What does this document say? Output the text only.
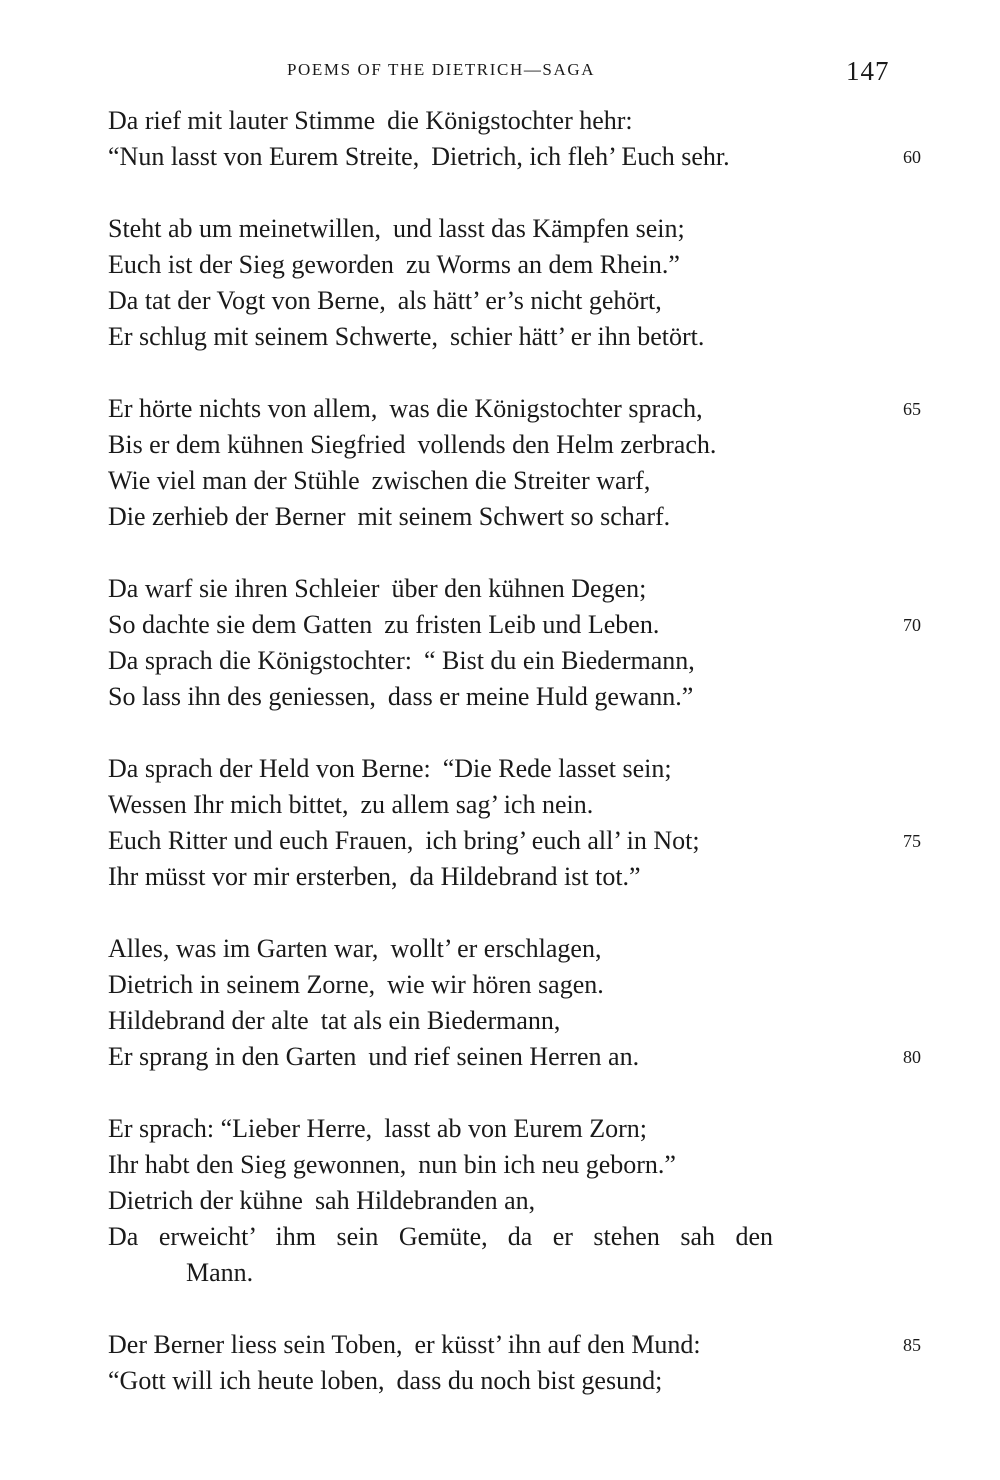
POEMS OF THE DIETRICH—SAGA	147
Da rief mit lauter Stimme die Königstochter hehr:
“Nun lasst von Eurem Streite, Dietrich, ich fleh’ Euch sehr.	60
Steht ab um meinetwillen, und lasst das Kämpfen sein;
Euch ist der Sieg geworden zu Worms an dem Rhein.”
Da tat der Vogt von Berne, als hätt’ er’s nicht gehört,
Er schlug mit seinem Schwerte, schier hätt’ er ihn betört.
Er hörte nichts von allem, was die Königstochter sprach,	65
Bis er dem kühnen Siegfried vollends den Helm zerbrach.
Wie viel man der Stühle zwischen die Streiter warf,
Die zerhieb der Berner mit seinem Schwert so scharf.
Da warf sie ihren Schleier über den kühnen Degen;
So dachte sie dem Gatten zu fristen Leib und Leben.	70
Da sprach die Königstochter: “ Bist du ein Biedermann,
So lass ihn des geniessen, dass er meine Huld gewann.”
Da sprach der Held von Berne: “Die Rede lasset sein;
Wessen Ihr mich bittet, zu allem sag’ ich nein.
Euch Ritter und euch Frauen, ich bring’ euch all’ in Not;	75
Ihr müsst vor mir ersterben, da Hildebrand ist tot.”
Alles, was im Garten war, wollt’ er erschlagen,
Dietrich in seinem Zorne, wie wir hören sagen.
Hildebrand der alte tat als ein Biedermann,
Er sprang in den Garten und rief seinen Herren an.	80
Er sprach: “Lieber Herre, lasst ab von Eurem Zorn;
Ihr habt den Sieg gewonnen, nun bin ich neu geborn.”
Dietrich der kühne sah Hildebranden an,
Da erweicht’ ihm sein Gemüte, da er stehen sah den
Mann.
Der Berner liess sein Toben, er küsst’ ihn auf den Mund:	85
“Gott will ich heute loben, dass du noch bist gesund;
